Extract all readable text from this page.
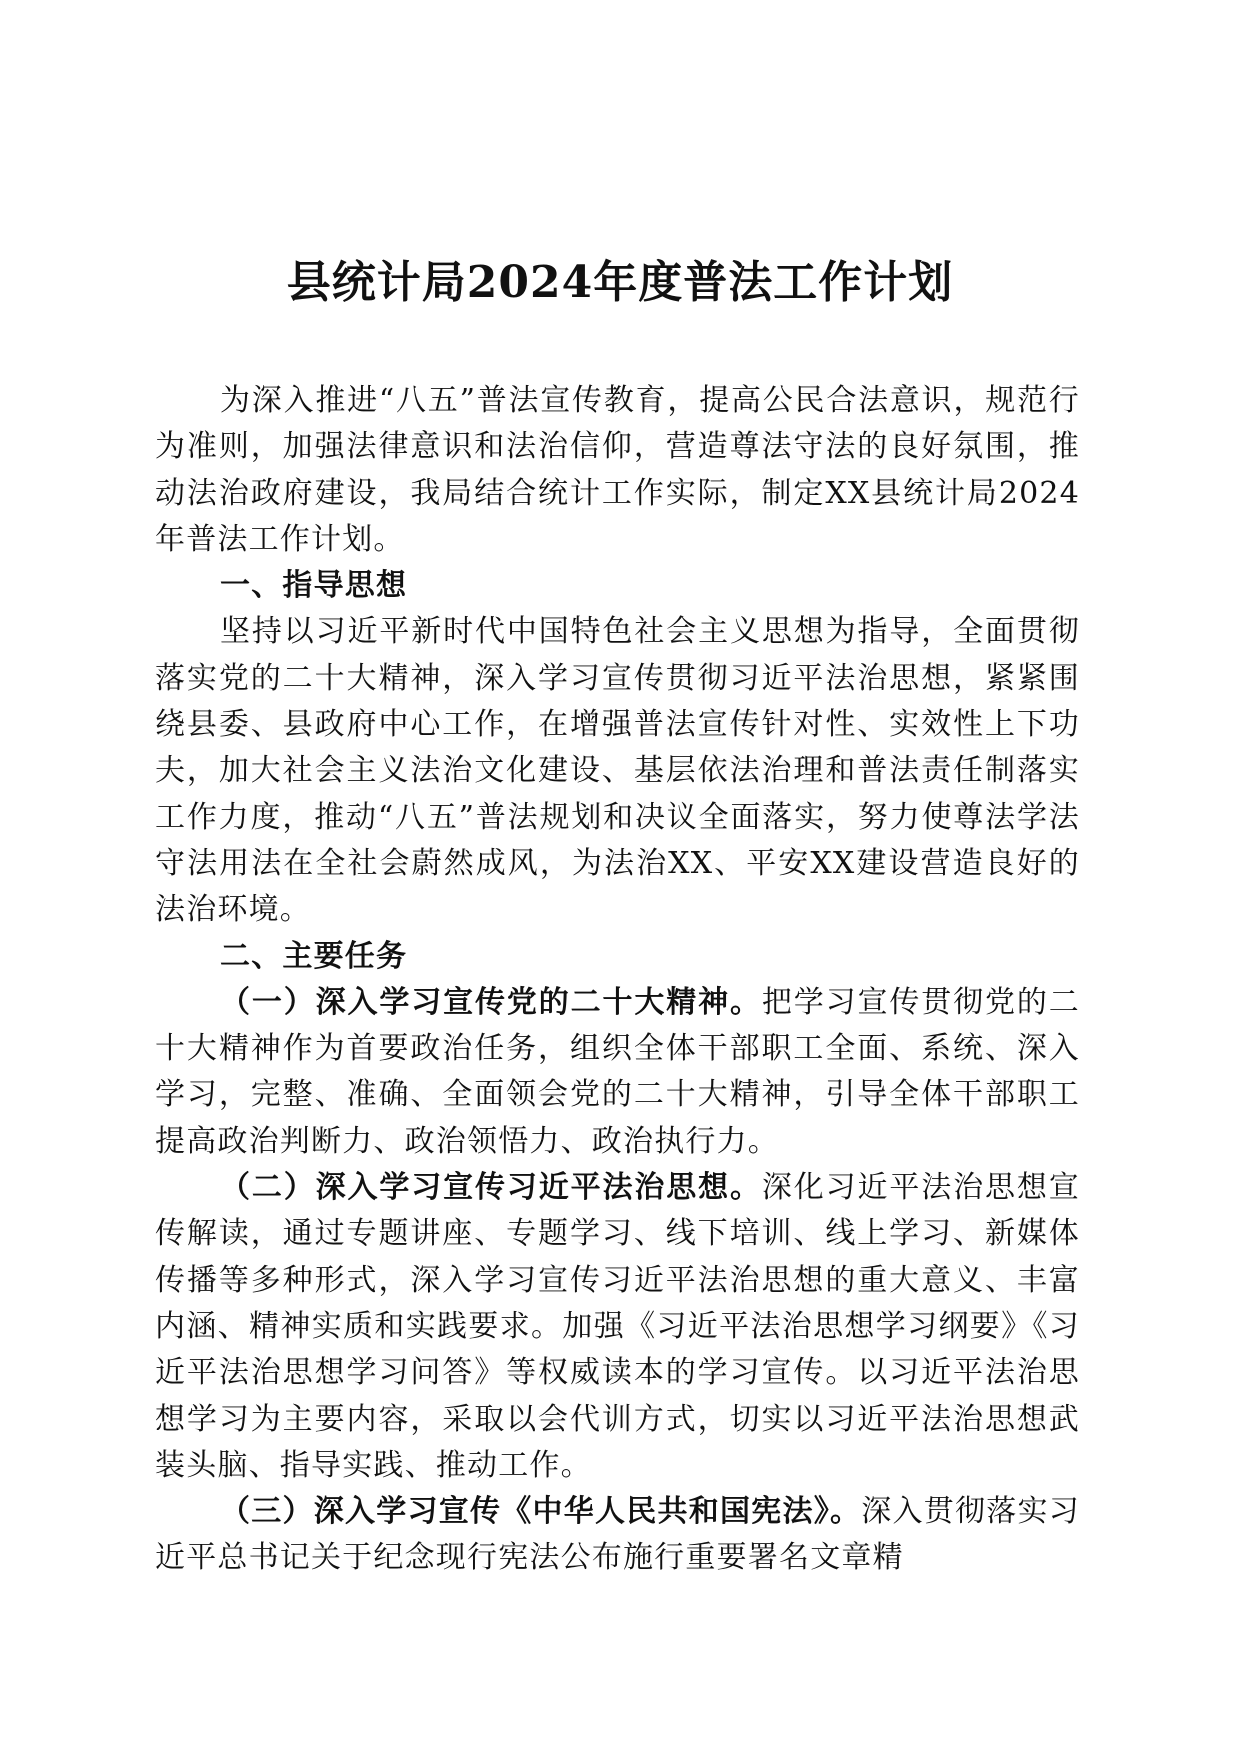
县统计局2024年度普法工作计划

为深入推进“八五”普法宣传教育，提高公民合法意识，规范行为准则，加强法律意识和法治信仰，营造尊法守法的良好氛围，推动法治政府建设，我局结合统计工作实际，制定XX县统计局2024年普法工作计划。

一、指导思想

坚持以习近平新时代中国特色社会主义思想为指导，全面贯彻落实党的二十大精神，深入学习宣传贯彻习近平法治思想，紧紧围绕县委、县政府中心工作，在增强普法宣传针对性、实效性上下功夫，加大社会主义法治文化建设、基层依法治理和普法责任制落实工作力度，推动“八五”普法规划和决议全面落实，努力使尊法学法守法用法在全社会蔚然成风，为法治XX、平安XX建设营造良好的法治环境。

二、主要任务

（一）深入学习宣传党的二十大精神。把学习宣传贯彻党的二十大精神作为首要政治任务，组织全体干部职工全面、系统、深入学习，完整、准确、全面领会党的二十大精神，引导全体干部职工提高政治判断力、政治领悟力、政治执行力。

（二）深入学习宣传习近平法治思想。深化习近平法治思想宣传解读，通过专题讲座、专题学习、线下培训、线上学习、新媒体传播等多种形式，深入学习宣传习近平法治思想的重大意义、丰富内涵、精神实质和实践要求。加强《习近平法治思想学习纲要》《习近平法治思想学习问答》等权威读本的学习宣传。以习近平法治思想学习为主要内容，采取以会代训方式，切实以习近平法治思想武装头脑、指导实践、推动工作。

（三）深入学习宣传《中华人民共和国宪法》。深入贯彻落实习近平总书记关于纪念现行宪法公布施行重要署名文章精
